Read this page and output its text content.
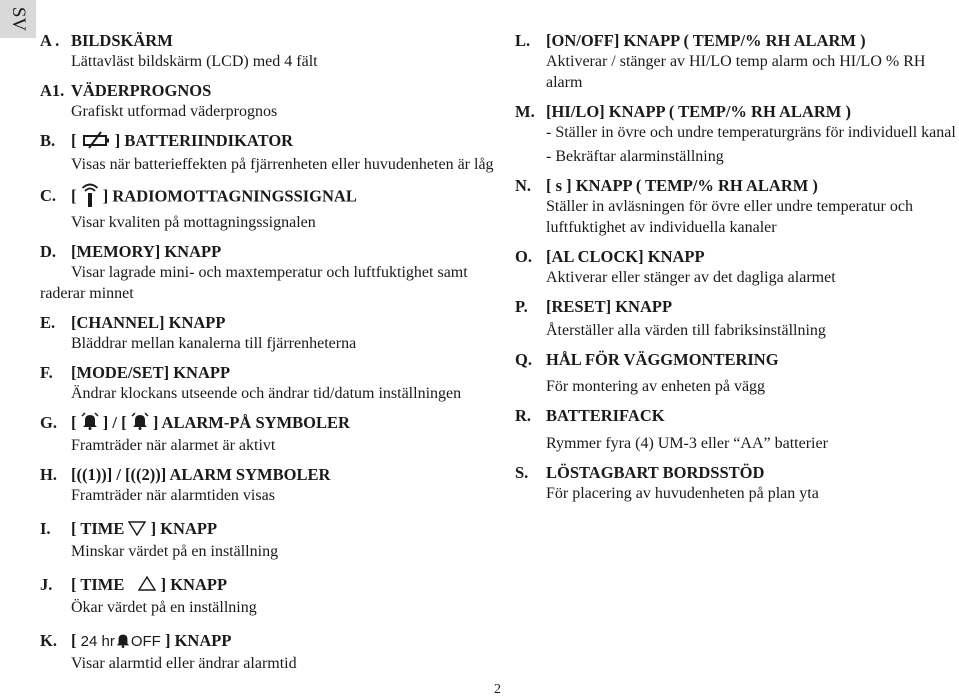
SV
A . BILDSKÄRM
Lättavläst bildskärm (LCD) med 4 fält
A1. VÄDERPROGNOS
Grafiskt utformad väderprognos
B. [ ] BATTERIINDIKATOR
Visas när batterieffekten på fjärrenheten eller huvudenheten är låg
C. [ ] RADIOMOTTAGNINGSSIGNAL
Visar kvaliten på mottagningssignalen
D. [MEMORY] KNAPP
Visar lagrade mini- och maxtemperatur och luftfuktighet samt raderar minnet
E. [CHANNEL] KNAPP
Bläddrar mellan kanalerna till fjärrenheterna
F. [MODE/SET] KNAPP
Ändrar klockans utseende och ändrar tid/datum inställningen
G. [ ] / [ ] ALARM-PÅ SYMBOLER
Framträder när alarmet är aktivt
H. [((1))] / [((2))] ALARM SYMBOLER
Framträder när alarmtiden visas
I. [ TIME ] KNAPP
Minskar värdet på en inställning
J. [ TIME ] KNAPP
Ökar värdet på en inställning
K. [ 24 hr OFF ] KNAPP
Visar alarmtid eller ändrar alarmtid
L. [ON/OFF] KNAPP ( TEMP/% RH ALARM )
Aktiverar / stänger av HI/LO temp alarm och HI/LO % RH alarm
M. [HI/LO] KNAPP ( TEMP/% RH ALARM )
- Ställer in övre och undre temperaturgräns för individuell kanal
- Bekräftar alarminställning
N. [ s ] KNAPP ( TEMP/% RH ALARM )
Ställer in avläsningen för övre eller undre temperatur och luftfuktighet av individuella kanaler
O. [AL CLOCK] KNAPP
Aktiverar eller stänger av det dagliga alarmet
P. [RESET] KNAPP
Återställer alla värden till fabriksinställning
Q. HÅL FÖR VÄGGMONTERING
För montering av enheten på vägg
R. BATTERIFACK
Rymmer fyra (4) UM-3 eller “AA” batterier
S. LÖSTAGBART BORDSSTÖD
För placering av huvudenheten på plan yta
2
